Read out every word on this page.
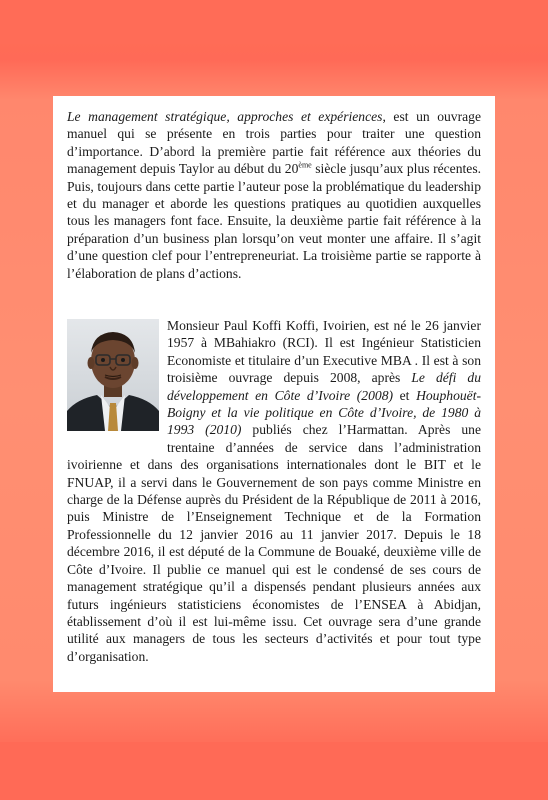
Le management stratégique, approches et expériences, est un ouvrage manuel qui se présente en trois parties pour traiter une question d’importance. D’abord la première partie fait référence aux théories du management depuis Taylor au début du 20ème siècle jusqu’aux plus récentes. Puis, toujours dans cette partie l’auteur pose la problématique du leadership et du manager et aborde les questions pratiques au quotidien auxquelles tous les managers font face. Ensuite, la deuxième partie fait référence à la préparation d’un business plan lorsqu’on veut monter une affaire. Il s’agit d’une question clef pour l’entrepreneuriat. La troisième partie se rapporte à l’élaboration de plans d’actions.

Monsieur Paul Koffi Koffi, Ivoirien, est né le 26 janvier 1957 à MBahiakro (RCI). Il est Ingénieur Statisticien Economiste et titulaire d’un Executive MBA . Il est à son troisième ouvrage depuis 2008, après Le défi du développement en Côte d’Ivoire (2008) et Houphouët-Boigny et la vie politique en Côte d’Ivoire, de 1980 à 1993 (2010) publiés chez l’Harmattan. Après une trentaine d’années de service dans l’administration ivoirienne et dans des organisations internationales dont le BIT et le FNUAP, il a servi dans le Gouvernement de son pays comme Ministre en charge de la Défense auprès du Président de la République de 2011 à 2016, puis Ministre de l’Enseignement Technique et de la Formation Professionnelle du 12 janvier 2016 au 11 janvier 2017. Depuis le 18 décembre 2016, il est député de la Commune de Bouaké, deuxième ville de Côte d’Ivoire. Il publie ce manuel qui est le condensé de ses cours de management stratégique qu’il a dispensés pendant plusieurs années aux futurs ingénieurs statisticiens économistes de l’ENSEA à Abidjan, établissement d’où il est lui-même issu. Cet ouvrage sera d’une grande utilité aux managers de tous les secteurs d’activités et pour tout type d’organisation.
